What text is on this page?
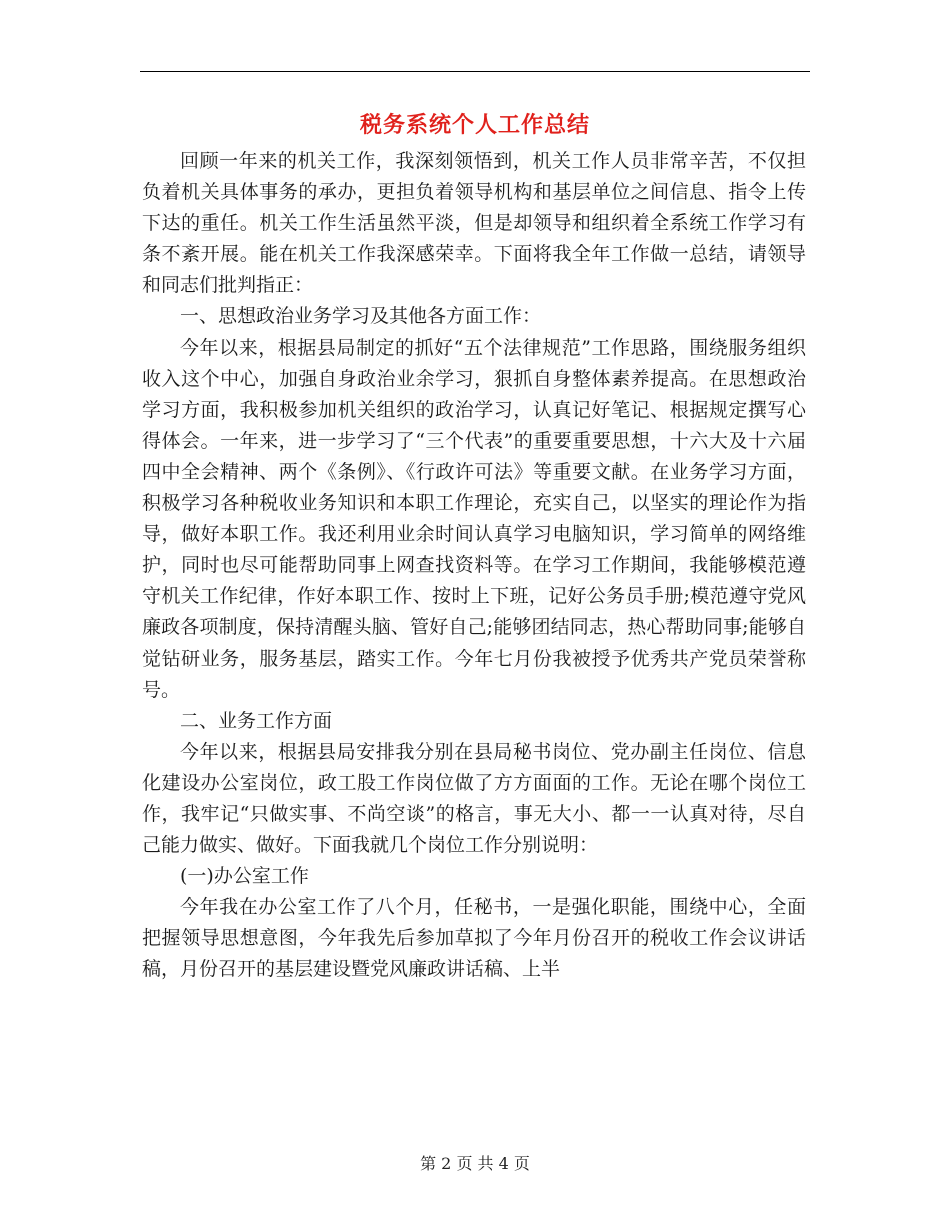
税务系统个人工作总结

回顾一年来的机关工作，我深刻领悟到，机关工作人员非常辛苦，不仅担负着机关具体事务的承办，更担负着领导机构和基层单位之间信息、指令上传下达的重任。机关工作生活虽然平淡，但是却领导和组织着全系统工作学习有条不紊开展。能在机关工作我深感荣幸。下面将我全年工作做一总结，请领导和同志们批判指正：

一、思想政治业务学习及其他各方面工作：

今年以来，根据县局制定的抓好“五个法律规范”工作思路，围绕服务组织收入这个中心，加强自身政治业余学习，狠抓自身整体素养提高。在思想政治学习方面，我积极参加机关组织的政治学习，认真记好笔记、根据规定撰写心得体会。一年来，进一步学习了“三个代表”的重要重要思想，十六大及十六届四中全会精神、两个《条例》、《行政许可法》等重要文献。在业务学习方面，积极学习各种税收业务知识和本职工作理论，充实自己，以坚实的理论作为指导，做好本职工作。我还利用业余时间认真学习电脑知识，学习简单的网络维护，同时也尽可能帮助同事上网查找资料等。在学习工作期间，我能够模范遵守机关工作纪律，作好本职工作、按时上下班，记好公务员手册;模范遵守党风廉政各项制度，保持清醒头脑、管好自己;能够团结同志，热心帮助同事;能够自觉钻研业务，服务基层，踏实工作。今年七月份我被授予优秀共产党员荣誉称号。

二、业务工作方面

今年以来，根据县局安排我分别在县局秘书岗位、党办副主任岗位、信息化建设办公室岗位，政工股工作岗位做了方方面面的工作。无论在哪个岗位工作，我牢记“只做实事、不尚空谈”的格言，事无大小、都一一认真对待，尽自己能力做实、做好。下面我就几个岗位工作分别说明：

(一)办公室工作

今年我在办公室工作了八个月，任秘书，一是强化职能，围绕中心，全面把握领导思想意图，今年我先后参加草拟了今年月份召开的税收工作会议讲话稿，月份召开的基层建设暨党风廉政讲话稿、上半

第 2 页 共 4 页
